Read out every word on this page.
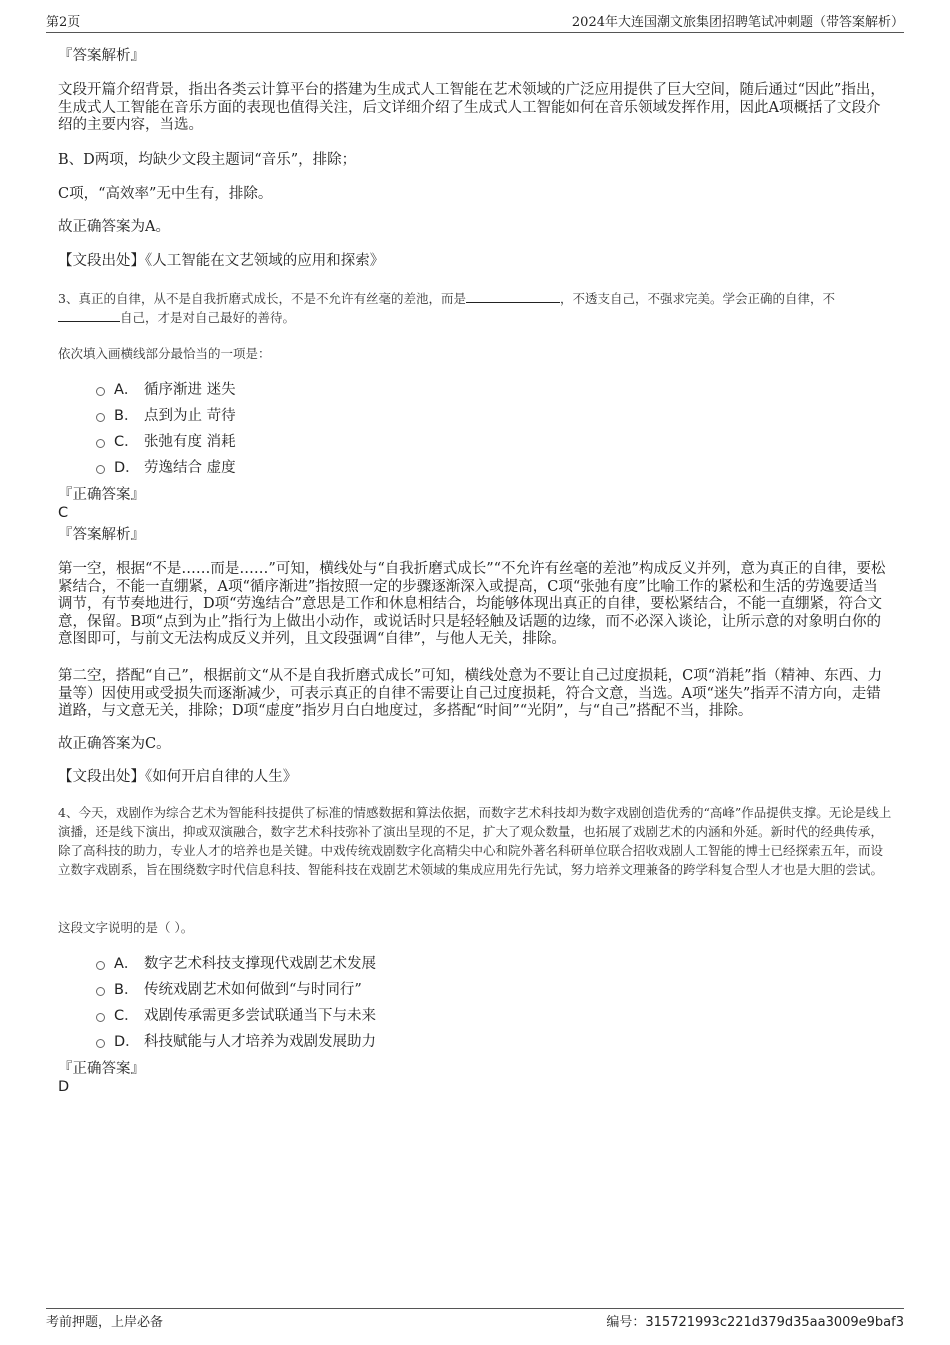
第2页	2024年大连国潮文旅集团招聘笔试冲刺题（带答案解析）
『答案解析』
文段开篇介绍背景，指出各类云计算平台的搭建为生成式人工智能在艺术领域的广泛应用提供了巨大空间，随后通过“因此”指出，生成式人工智能在音乐方面的表现也值得关注，后文详细介绍了生成式人工智能如何在音乐领域发挥作用，因此A项概括了文段介绍的主要内容，当选。
B、D两项，均缺少文段主题词“音乐”，排除；
C项，“高效率”无中生有，排除。
故正确答案为A。
【文段出处】《人工智能在文艺领域的应用和探索》
3、真正的自律，从不是自我折磨式成长，不是不允许有丝毫的差池，而是	，不透支自己，不强求完美。学会正确的自律，不自己，才是对自己最好的善待。
依次填入画横线部分最恰当的一项是：
A． 循序渐进 迷失
B． 点到为止 苛待
C． 张弛有度 消耗
D． 劳逸结合 虚度
『正确答案』
C
『答案解析』
第一空，根据“不是……而是……”可知，横线处与“自我折磨式成长”“不允许有丝毫的差池”构成反义并列，意为真正的自律，要松紧结合，不能一直绷紧，A项“循序渐进”指按照一定的步骤逐渐深入或提高，C项“张弛有度”比喻工作的紧松和生活的劳逸要适当调节，有节奏地进行，D项“劳逸结合”意思是工作和休息相结合，均能够体现出真正的自律，要松紧结合，不能一直绷紧，符合文意，保留。B项“点到为止”指行为上做出小动作，或说话时只是轻轻触及话题的边缘，而不必深入谈论，让所示意的对象明白你的意图即可，与前文无法构成反义并列，且文段强调“自律”，与他人无关，排除。
第二空，搭配“自己”，根据前文“从不是自我折磨式成长”可知，横线处意为不要让自己过度损耗，C项“消耗”指（精神、东西、力量等）因使用或受损失而逐渐减少，可表示真正的自律不需要让自己过度损耗，符合文意，当选。A项“迷失”指弄不清方向，走错道路，与文意无关，排除；D项“虚度”指岁月白白地度过，多搭配“时间”“光阴”，与“自己”搭配不当，排除。
故正确答案为C。
【文段出处】《如何开启自律的人生》
4、今天，戏剧作为综合艺术为智能科技提供了标准的情感数据和算法依据，而数字艺术科技却为数字戏剧创造优秀的“高峰”作品提供支撑。无论是线上演播，还是线下演出，抑或双演融合，数字艺术科技弥补了演出呈现的不足，扩大了观众数量，也拓展了戏剧艺术的内涵和外延。新时代的经典传承，除了高科技的助力，专业人才的培养也是关键。中戏传统戏剧数字化高精尖中心和院外著名科研单位联合招收戏剧人工智能的博士已经探索五年，而设立数字戏剧系，旨在围绕数字时代信息科技、智能科技在戏剧艺术领域的集成应用先行先试，努力培养文理兼备的跨学科复合型人才也是大胆的尝试。
这段文字说明的是（ ）。
A． 数字艺术科技支撑现代戏剧艺术发展
B． 传统戏剧艺术如何做到“与时同行”
C． 戏剧传承需更多尝试联通当下与未来
D． 科技赋能与人才培养为戏剧发展助力
『正确答案』
D
考前押题，上岸必备	编号：315721993c221d379d35aa3009e9baf3
